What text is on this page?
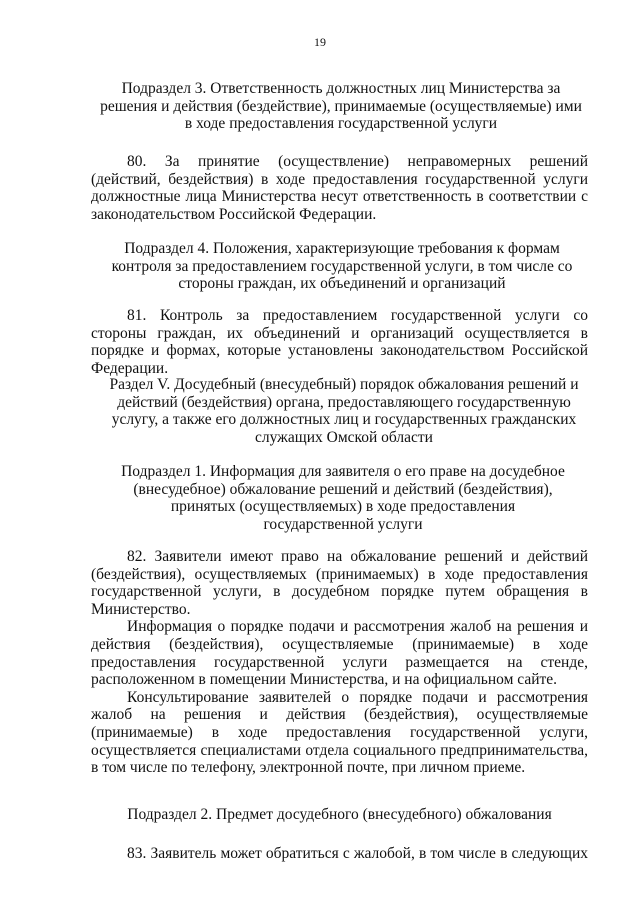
19
Подраздел 3. Ответственность должностных лиц Министерства за решения и действия (бездействие), принимаемые (осуществляемые) ими в ходе предоставления государственной услуги

80. За принятие (осуществление) неправомерных решений (действий, бездействия) в ходе предоставления государственной услуги должностные лица Министерства несут ответственность в соответствии с законодательством Российской Федерации.

Подраздел 4. Положения, характеризующие требования к формам контроля за предоставлением государственной услуги, в том числе со стороны граждан, их объединений и организаций

81. Контроль за предоставлением государственной услуги со стороны граждан, их объединений и организаций осуществляется в порядке и формах, которые установлены законодательством Российской Федерации.

Раздел V. Досудебный (внесудебный) порядок обжалования решений и действий (бездействия) органа, предоставляющего государственную услугу, а также его должностных лиц и государственных гражданских служащих Омской области
Подраздел 1. Информация для заявителя о его праве на досудебное (внесудебное) обжалование решений и действий (бездействия), принятых (осуществляемых) в ходе предоставления государственной услуги

82. Заявители имеют право на обжалование решений и действий (бездействия), осуществляемых (принимаемых) в ходе предоставления государственной услуги, в досудебном порядке путем обращения в Министерство.

Информация о порядке подачи и рассмотрения жалоб на решения и действия (бездействия), осуществляемые (принимаемые) в ходе предоставления государственной услуги размещается на стенде, расположенном в помещении Министерства, и на официальном сайте.

Консультирование заявителей о порядке подачи и рассмотрения жалоб на решения и действия (бездействия), осуществляемые (принимаемые) в ходе предоставления государственной услуги, осуществляется специалистами отдела социального предпринимательства, в том числе по телефону, электронной почте, при личном приеме.

Подраздел 2. Предмет досудебного (внесудебного) обжалования

83. Заявитель может обратиться с жалобой, в том числе в следующих
